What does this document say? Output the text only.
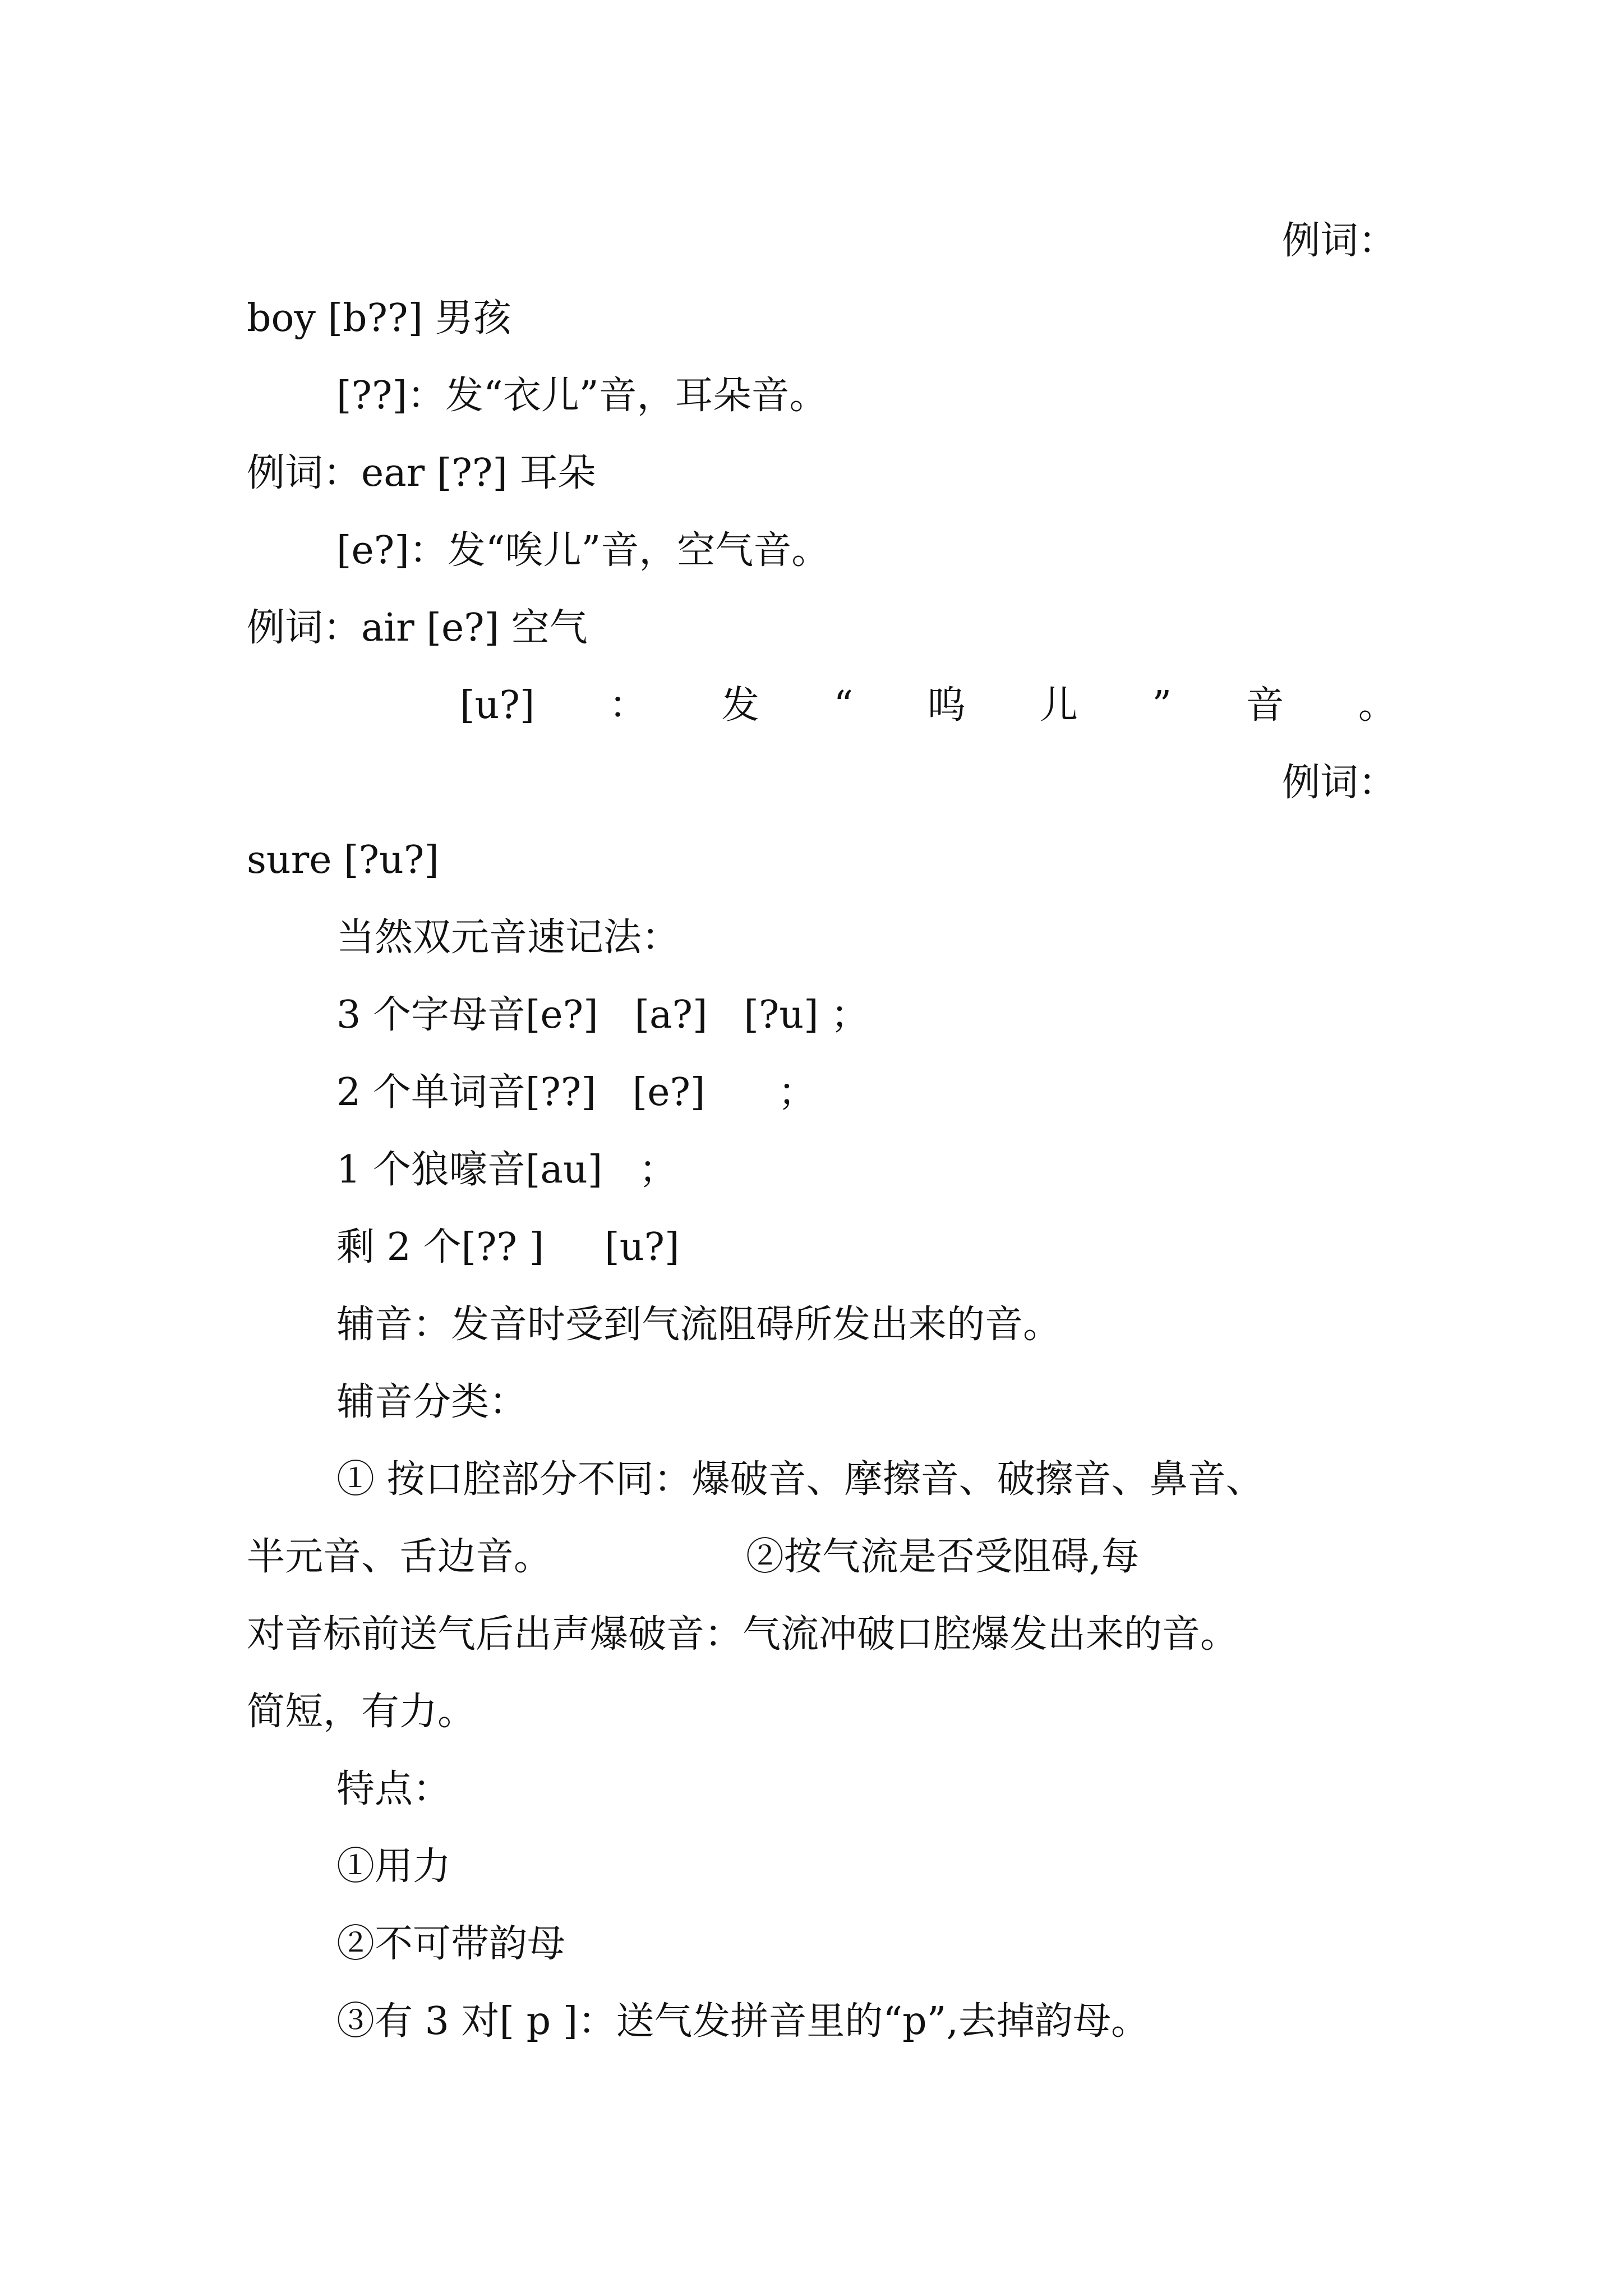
例词：
boy [b??] 男孩
[??]：发“衣儿”音，耳朵音。
例词：ear [??] 耳朵
[e?]：发“唉儿”音，空气音。
例词：air [e?] 空气
[u?] ： 发 “ 呜 儿 ” 音 。
例词：
sure [?u?]
当然双元音速记法：
3 个字母音[e?]   [a?]   [?u] ；
2 个单词音[??]   [e?]      ；
1 个狼嚎音[au]   ；
剩 2 个[?? ]     [u?]
辅音：发音时受到气流阻碍所发出来的音。
辅音分类：
① 按口腔部分不同：爆破音、摩擦音、破擦音、鼻音、
半元音、舌边音。                ②按气流是否受阻碍,每
对音标前送气后出声爆破音：气流冲破口腔爆发出来的音。
简短，有力。
特点：
①用力
②不可带韵母
③有 3 对[ p ]：送气发拼音里的“p”,去掉韵母。
